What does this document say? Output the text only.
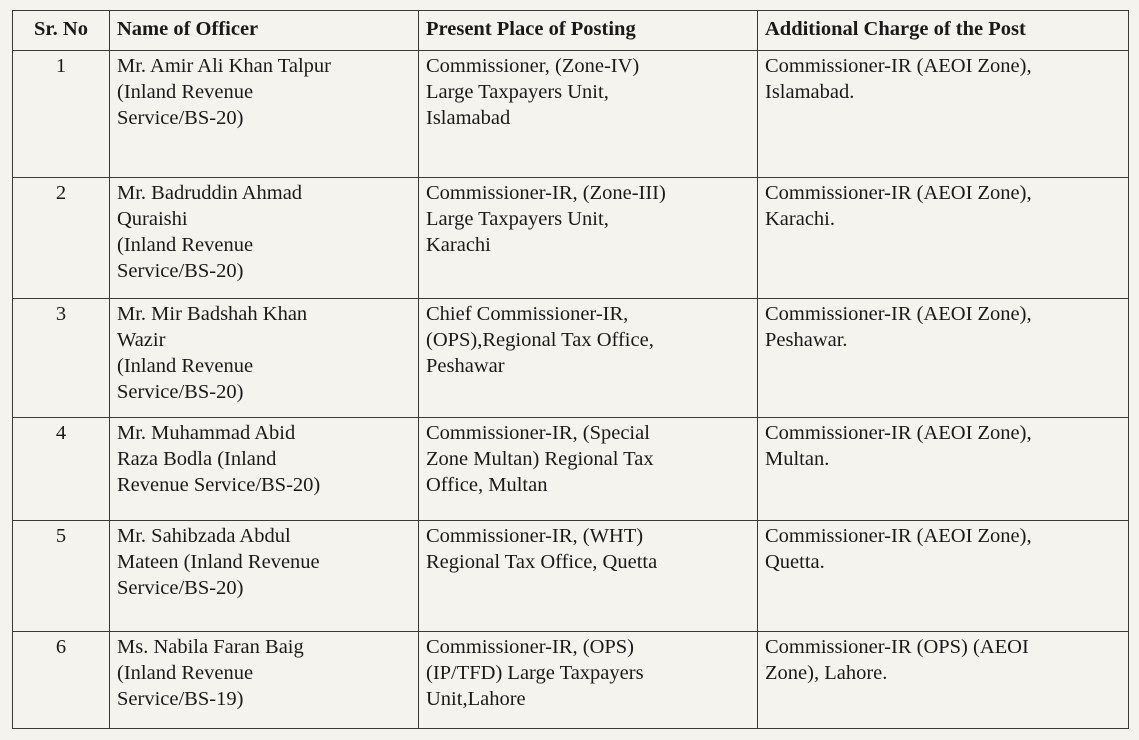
Sr. No	Name of Officer	Present Place of Posting	Additional Charge of the Post
1	Mr. Amir Ali Khan Talpur
(Inland Revenue
Service/BS-20)	Commissioner, (Zone-IV)
Large Taxpayers Unit,
Islamabad	Commissioner-IR (AEOI Zone),
Islamabad.

2	Mr. Badruddin Ahmad
Quraishi
(Inland Revenue
Service/BS-20)	Commissioner-IR, (Zone-III)
Large Taxpayers Unit,
Karachi	Commissioner-IR (AEOI Zone),
Karachi.

3	Mr. Mir Badshah Khan
Wazir
(Inland Revenue
Service/BS-20)	Chief Commissioner-IR,
(OPS),Regional Tax Office,
Peshawar	Commissioner-IR (AEOI Zone),
Peshawar.

4	Mr. Muhammad Abid
Raza Bodla (Inland
Revenue Service/BS-20)	Commissioner-IR, (Special
Zone Multan) Regional Tax
Office, Multan	Commissioner-IR (AEOI Zone),
Multan.

5	Mr. Sahibzada Abdul
Mateen (Inland Revenue
Service/BS-20)	Commissioner-IR, (WHT)
Regional Tax Office, Quetta	Commissioner-IR (AEOI Zone),
Quetta.

6	Ms. Nabila Faran Baig
(Inland Revenue
Service/BS-19)	Commissioner-IR, (OPS)
(IP/TFD) Large Taxpayers
Unit,Lahore	Commissioner-IR (OPS) (AEOI
Zone), Lahore.
